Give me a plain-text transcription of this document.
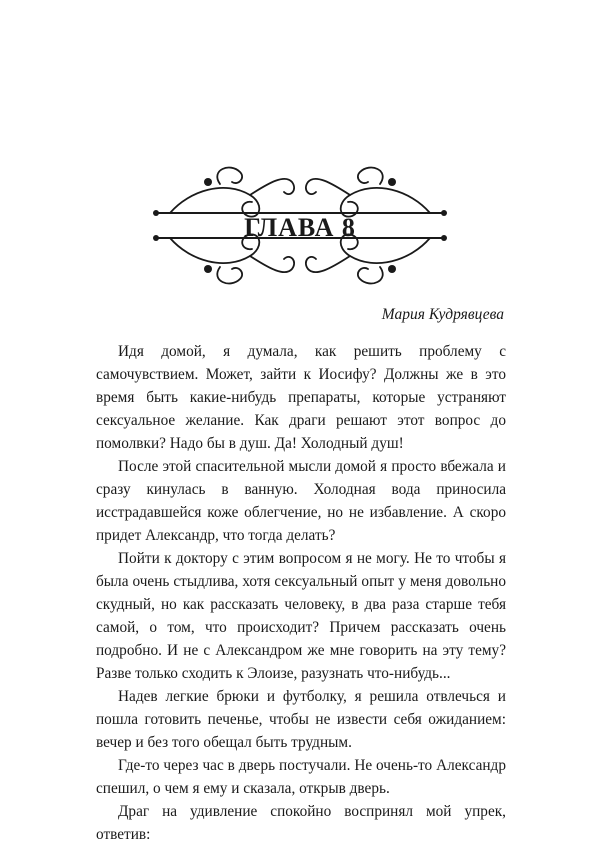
ГЛАВА 8
Мария Кудрявцева

Идя домой, я думала, как решить проблему с самочувствием. Может, зайти к Иосифу? Должны же в это время быть какие-нибудь препараты, которые устраняют сексуальное желание. Как драги решают этот вопрос до помолвки? Надо бы в душ. Да! Холодный душ!

После этой спасительной мысли домой я просто вбежала и сразу кинулась в ванную. Холодная вода приносила исстрадавшейся коже облегчение, но не избавление. А скоро придет Александр, что тогда делать?

Пойти к доктору с этим вопросом я не могу. Не то чтобы я была очень стыдлива, хотя сексуальный опыт у меня довольно скудный, но как рассказать человеку, в два раза старше тебя самой, о том, что происходит? Причем рассказать очень подробно. И не с Александром же мне говорить на эту тему? Разве только сходить к Элоизе, разузнать что-нибудь...

Надев легкие брюки и футболку, я решила отвлечься и пошла готовить печенье, чтобы не извести себя ожиданием: вечер и без того обещал быть трудным.

Где-то через час в дверь постучали. Не очень-то Александр спешил, о чем я ему и сказала, открыв дверь.

Драг на удивление спокойно воспринял мой упрек, ответив:
